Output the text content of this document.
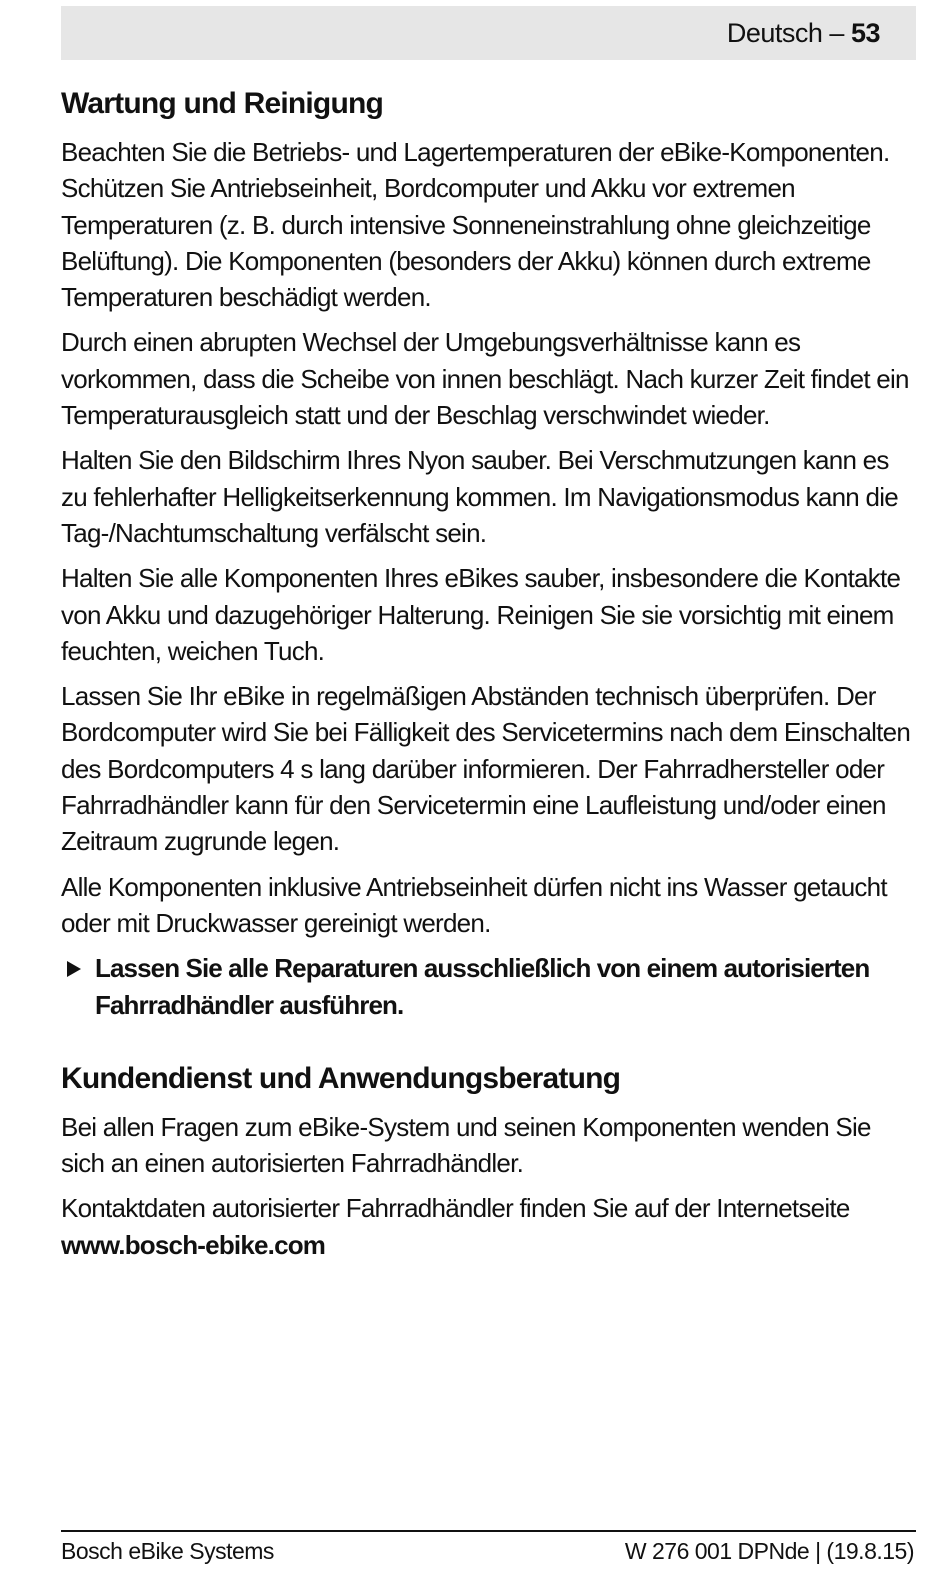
Deutsch – 53
Wartung und Reinigung

Beachten Sie die Betriebs- und Lagertemperaturen der eBike-Komponenten. Schützen Sie Antriebseinheit, Bordcomputer und Akku vor extremen Temperaturen (z. B. durch intensive Sonneneinstrahlung ohne gleichzeitige Belüftung). Die Komponenten (besonders der Akku) können durch extreme Temperaturen beschädigt werden.

Durch einen abrupten Wechsel der Umgebungsverhältnisse kann es vorkommen, dass die Scheibe von innen beschlägt. Nach kurzer Zeit findet ein Temperaturausgleich statt und der Beschlag verschwindet wieder.

Halten Sie den Bildschirm Ihres Nyon sauber. Bei Verschmutzungen kann es zu fehlerhafter Helligkeitserkennung kommen. Im Navigationsmodus kann die Tag-/Nachtumschaltung verfälscht sein.

Halten Sie alle Komponenten Ihres eBikes sauber, insbesondere die Kontakte von Akku und dazugehöriger Halterung. Reinigen Sie sie vorsichtig mit einem feuchten, weichen Tuch.

Lassen Sie Ihr eBike in regelmäßigen Abständen technisch überprüfen. Der Bordcomputer wird Sie bei Fälligkeit des Servicetermins nach dem Einschalten des Bordcomputers 4 s lang darüber informieren. Der Fahrradhersteller oder Fahrradhändler kann für den Servicetermin eine Laufleistung und/oder einen Zeitraum zugrunde legen.

Alle Komponenten inklusive Antriebseinheit dürfen nicht ins Wasser getaucht oder mit Druckwasser gereinigt werden.

Lassen Sie alle Reparaturen ausschließlich von einem autorisierten Fahrradhändler ausführen.
Kundendienst und Anwendungsberatung

Bei allen Fragen zum eBike-System und seinen Komponenten wenden Sie sich an einen autorisierten Fahrradhändler.

Kontaktdaten autorisierter Fahrradhändler finden Sie auf der Internetseite
www.bosch-ebike.com

Bosch eBike Systems	W 276 001 DPNde | (19.8.15)
